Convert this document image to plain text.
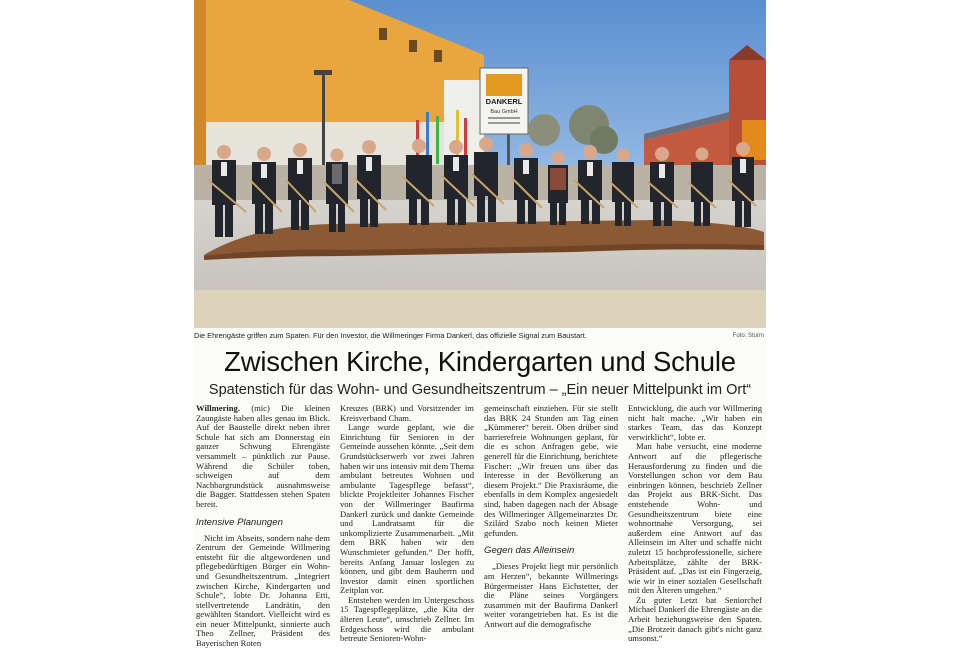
DANKERL
Bau GmbH
Die Ehrengäste griffen zum Spaten. Für den Investor, die Willmeringer Firma Dankerl, das offizielle Signal zum Baustart.	Foto: Sturm
Zwischen Kirche, Kindergarten und Schule
Spatenstich für das Wohn- und Gesundheitszentrum – „Ein neuer Mittelpunkt im Ort“

Willmering. (mic) Die kleinen Zaungäste haben alles genau im Blick. Auf der Baustelle direkt neben ihrer Schule hat sich am Donnerstag ein ganzer Schwung Ehrengäste versammelt – pünktlich zur Pause. Während die Schüler toben, schweigen auf dem Nachbargrundstück ausnahmsweise die Bagger. Stattdessen stehen Spaten bereit.

Intensive Planungen

Nicht im Abseits, sondern nahe dem Zentrum der Gemeinde Willmering entsteht für die altgewordenen und pflegebedürftigen Bürger ein Wohn- und Gesundheitszentrum. „Integriert zwischen Kirche, Kindergarten und Schule“, lobte Dr. Johanna Etti, stellvertretende Landrätin, den gewählten Standort. Vielleicht wird es ein neuer Mittelpunkt, sinnierte auch Theo Zellner, Präsident des Bayerischen Roten

Kreuzes (BRK) und Vorsitzender im Kreisverband Cham.

Lange wurde geplant, wie die Einrichtung für Senioren in der Gemeinde aussehen könnte. „Seit dem Grundstückserwerb vor zwei Jahren haben wir uns intensiv mit dem Thema ambulant betreutes Wohnen und ambulante Tagespflege befasst“, blickte Projektleiter Johannes Fischer von der Willmeringer Baufirma Dankerl zurück und dankte Gemeinde und Landratsamt für die unkomplizierte Zusammenarbeit. „Mit dem BRK haben wir den Wunschmieter gefunden.“ Der hofft, bereits Anfang Januar loslegen zu können, und gibt dem Bauherrn und Investor damit einen sportlichen Zeitplan vor.

Entstehen werden im Untergeschoss 15 Tagespflegeplätze, „die Kita der älteren Leute“, umschrieb Zellner. Im Erdgeschoss wird die ambulant betreute Senioren-Wohn-

gemeinschaft einziehen. Für sie stellt das BRK 24 Stunden am Tag einen „Kümmerer“ bereit. Oben drüber sind barrierefreie Wohnungen geplant, für die es schon Anfragen gebe, wie generell für die Einrichtung, berichtete Fischer: „Wir freuen uns über das Interesse in der Bevölkerung an diesem Projekt.“ Die Praxisräume, die ebenfalls in dem Komplex angesiedelt sind, haben dagegen nach der Absage des Willmeringer Allgemeinarztes Dr. Szilárd Szabo noch keinen Mieter gefunden.

Gegen das Alleinsein

„Dieses Projekt liegt mir persönlich am Herzen“, bekannte Willmerings Bürgermeister Hans Eichstetter, der die Pläne seines Vorgängers zusammen mit der Baufirma Dankerl weiter vorangetrieben hat. Es ist die Antwort auf die demografische

Entwicklung, die auch vor Willmering nicht halt mache. „Wir haben ein starkes Team, das das Konzept verwirklicht“, lobte er.

Man habe versucht, eine moderne Antwort auf die pflegerische Herausforderung zu finden und die Vorstellungen schon vor dem Bau einbringen können, beschrieb Zellner das Projekt aus BRK-Sicht. Das entstehende Wohn- und Gesundheitszentrum biete eine wohnortnahe Versorgung, sei außerdem eine Antwort auf das Alleinsein im Alter und schaffe nicht zuletzt 15 hochprofessionelle, sichere Arbeitsplätze, zählte der BRK-Präsident auf. „Das ist ein Fingerzeig, wie wir in einer sozialen Gesellschaft mit den Älteren umgehen.“

Zu guter Letzt bat Seniorchef Michael Dankerl die Ehrengäste an die Arbeit beziehungsweise den Spaten. „Die Brotzeit danach gibt's nicht ganz umsonst.“
